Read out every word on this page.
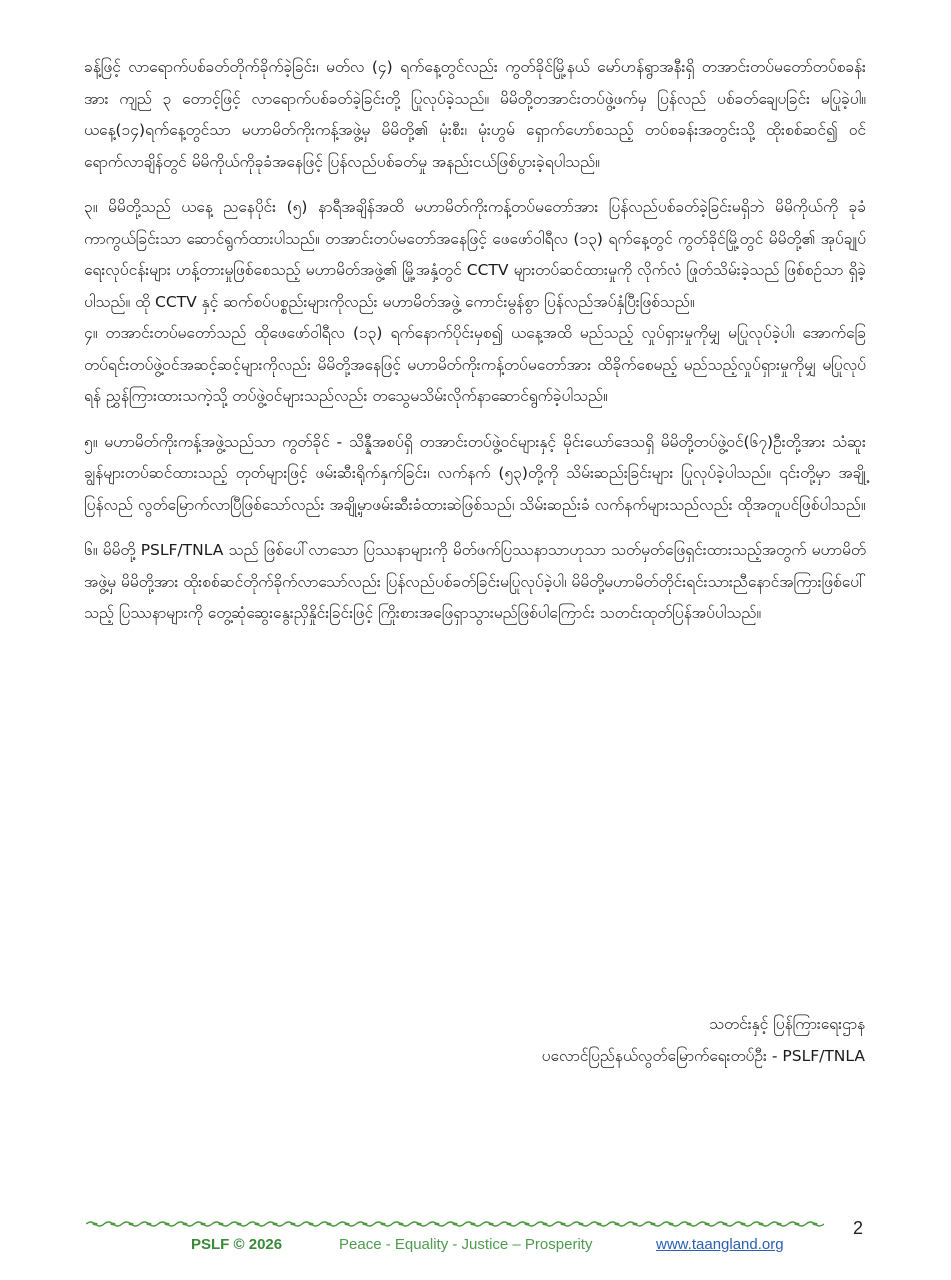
ခန့်ဖြင့် လာရောက်ပစ်ခတ်တိုက်ခိုက်ခဲ့ခြင်း၊ မတ်လ (၄) ရက်နေ့တွင်လည်း ကွတ်ခိုင်မြို့နယ် မော်ဟန်ရွာအနီးရှိ တအာင်းတပ်မတော်တပ်စခန်းအား ကျည် ၃ တောင့်ဖြင့် လာရောက်ပစ်ခတ်ခဲ့ခြင်းတို့ ပြုလုပ်ခဲ့သည်။ မိမိတို့တအာင်းတပ်ဖွဲ့ဖက်မှ ပြန်လည် ပစ်ခတ်ချေပခြင်း မပြုခဲ့ပါ။ ယနေ့(၁၄)ရက်နေ့တွင်သာ မဟာမိတ်ကိုးကန့်အဖွဲ့မှ မိမိတို့၏ မုံးစီး၊ မုံးဟွမ် ရှောက်ဟော်စသည့် တပ်စခန်းအတွင်းသို့ ထိုးစစ်ဆင်၍ ဝင်ရောက်လာချိန်တွင် မိမိကိုယ်ကိုခုခံအနေဖြင့် ပြန်လည်ပစ်ခတ်မှု အနည်းငယ်ဖြစ်ပွားခဲ့ရပါသည်။

၃။ မိမိတို့သည် ယနေ့ ညနေပိုင်း (၅) နာရီအချိန်အထိ မဟာမိတ်ကိုးကန့်တပ်မတော်အား ပြန်လည်ပစ်ခတ်ခဲ့ခြင်းမရှိဘဲ မိမိကိုယ်ကို ခုခံကာကွယ်ခြင်းသာ ဆောင်ရွက်ထားပါသည်။ တအာင်းတပ်မတော်အနေဖြင့် ဖေဖော်ဝါရီလ (၁၃) ရက်နေ့တွင် ကွတ်ခိုင်မြို့တွင် မိမိတို့၏ အုပ်ချုပ်ရေးလုပ်ငန်းများ ဟန့်တားမှုဖြစ်စေသည့် မဟာမိတ်အဖွဲ့၏ မြို့အနှံ့တွင် CCTV များတပ်ဆင်ထားမှုကို လိုက်လံ ဖြုတ်သိမ်းခဲ့သည် ဖြစ်စဉ်သာ ရှိခဲ့ပါသည်။ ထို CCTV နှင့် ဆက်စပ်ပစ္စည်းများကိုလည်း မဟာမိတ်အဖွဲ့ ကောင်းမွန်စွာ ပြန်လည်အပ်နှံပြီးဖြစ်သည်။

၄။ တအာင်းတပ်မတော်သည် ထိုဖေဖော်ဝါရီလ (၁၃) ရက်နောက်ပိုင်းမှစ၍ ယနေ့အထိ မည်သည့် လှုပ်ရှားမှုကိုမျှ မပြုလုပ်ခဲ့ပါ၊ အောက်ခြေတပ်ရင်းတပ်ဖွဲ့ဝင်အဆင့်ဆင့်များကိုလည်း မိမိတို့အနေဖြင့် မဟာမိတ်ကိုးကန့်တပ်မတော်အား ထိခိုက်စေမည့် မည်သည့်လှုပ်ရှားမှုကိုမျှ မပြုလုပ်ရန် ညွှန်ကြားထားသကဲ့သို့ တပ်ဖွဲ့ဝင်များသည်လည်း တသွေမသိမ်းလိုက်နာဆောင်ရွက်ခဲ့ပါသည်။

၅။ မဟာမိတ်ကိုးကန့်အဖွဲ့သည်သာ ကွတ်ခိုင် - သိန္နီအစပ်ရှိ တအာင်းတပ်ဖွဲ့ဝင်များနှင့် မိုင်းယော်ဒေသရှိ မိမိတို့တပ်ဖွဲ့ဝင်(၆၇)ဦးတို့အား သံဆူးချွန်များတပ်ဆင်ထားသည့် တုတ်များဖြင့် ဖမ်းဆီးရိုက်နှက်ခြင်း၊ လက်နက် (၅၃)တို့ကို သိမ်းဆည်းခြင်းများ ပြုလုပ်ခဲ့ပါသည်။ ၎င်းတို့မှာ အချို့ပြန်လည် လွတ်မြောက်လာပြီဖြစ်သော်လည်း အချို့မှာဖမ်းဆီးခံထားဆဲဖြစ်သည်၊ သိမ်းဆည်းခံ လက်နက်များသည်လည်း ထိုအတူပင်ဖြစ်ပါသည်။

၆။ မိမိတို့ PSLF/TNLA သည် ဖြစ်ပေါ်လာသော ပြဿနာများကို မိတ်ဖက်ပြဿနာသာဟုသာ သတ်မှတ်ဖြေရှင်းထားသည့်အတွက် မဟာမိတ်အဖွဲ့မှ မိမိတို့အား ထိုးစစ်ဆင်တိုက်ခိုက်လာသော်လည်း ပြန်လည်ပစ်ခတ်ခြင်းမပြုလုပ်ခဲ့ပါ၊ မိမိတို့မဟာမိတ်တိုင်းရင်းသားညီနောင်အကြားဖြစ်ပေါ်သည့် ပြဿနာများကို တွေ့ဆုံဆွေးနွေးညှိနှိုင်းခြင်းဖြင့် ကြိုးစားအဖြေရှာသွားမည်ဖြစ်ပါကြောင်း သတင်းထုတ်ပြန်အပ်ပါသည်။

သတင်းနှင့် ပြန်ကြားရေးဌာန
ပလောင်ပြည်နယ်လွတ်မြောက်ရေးတပ်ဦး - PSLF/TNLA
2
PSLF © 2026	Peace - Equality - Justice – Prosperity	www.taangland.org
